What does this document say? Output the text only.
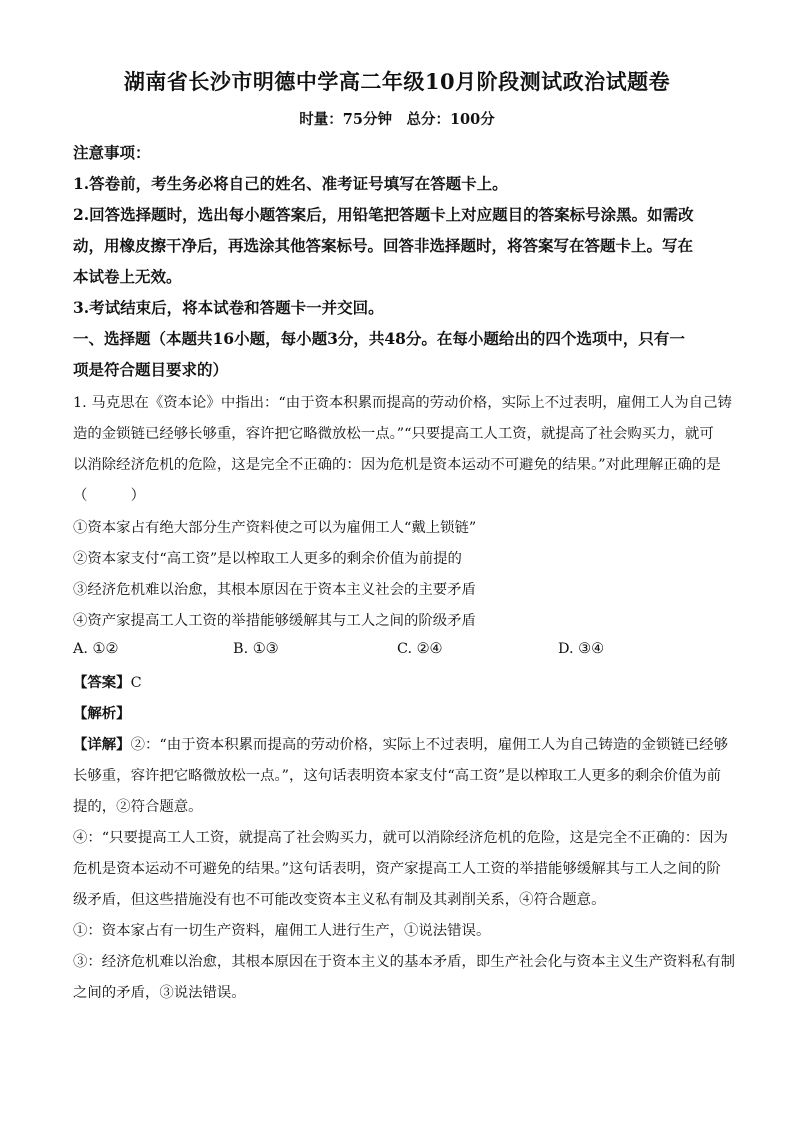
湖南省长沙市明德中学高二年级10月阶段测试政治试题卷
时量：75分钟　总分：100分
注意事项：
1.答卷前，考生务必将自己的姓名、准考证号填写在答题卡上。
2.回答选择题时，选出每小题答案后，用铅笔把答题卡上对应题目的答案标号涂黑。如需改
动，用橡皮擦干净后，再选涂其他答案标号。回答非选择题时，将答案写在答题卡上。写在
本试卷上无效。
3.考试结束后，将本试卷和答题卡一并交回。
一、选择题（本题共16小题，每小题3分，共48分。在每小题给出的四个选项中，只有一
项是符合题目要求的）
1. 马克思在《资本论》中指出：“由于资本积累而提高的劳动价格，实际上不过表明，雇佣工人为自己铸
造的金锁链已经够长够重，容许把它略微放松一点。”“只要提高工人工资，就提高了社会购买力，就可
以消除经济危机的危险，这是完全不正确的：因为危机是资本运动不可避免的结果。”对此理解正确的是
（　　　）
①资本家占有绝大部分生产资料使之可以为雇佣工人“戴上锁链”
②资本家支付“高工资”是以榨取工人更多的剩余价值为前提的
③经济危机难以治愈，其根本原因在于资本主义社会的主要矛盾
④资产家提高工人工资的举措能够缓解其与工人之间的阶级矛盾
A. ①②	B. ①③	C. ②④	D. ③④
【答案】C
【解析】
【详解】②：“由于资本积累而提高的劳动价格，实际上不过表明，雇佣工人为自己铸造的金锁链已经够
长够重，容许把它略微放松一点。”，这句话表明资本家支付“高工资”是以榨取工人更多的剩余价值为前
提的，②符合题意。
④：“只要提高工人工资，就提高了社会购买力，就可以消除经济危机的危险，这是完全不正确的：因为
危机是资本运动不可避免的结果。”这句话表明，资产家提高工人工资的举措能够缓解其与工人之间的阶
级矛盾，但这些措施没有也不可能改变资本主义私有制及其剥削关系，④符合题意。
①：资本家占有一切生产资料，雇佣工人进行生产，①说法错误。
③：经济危机难以治愈，其根本原因在于资本主义的基本矛盾，即生产社会化与资本主义生产资料私有制
之间的矛盾，③说法错误。
